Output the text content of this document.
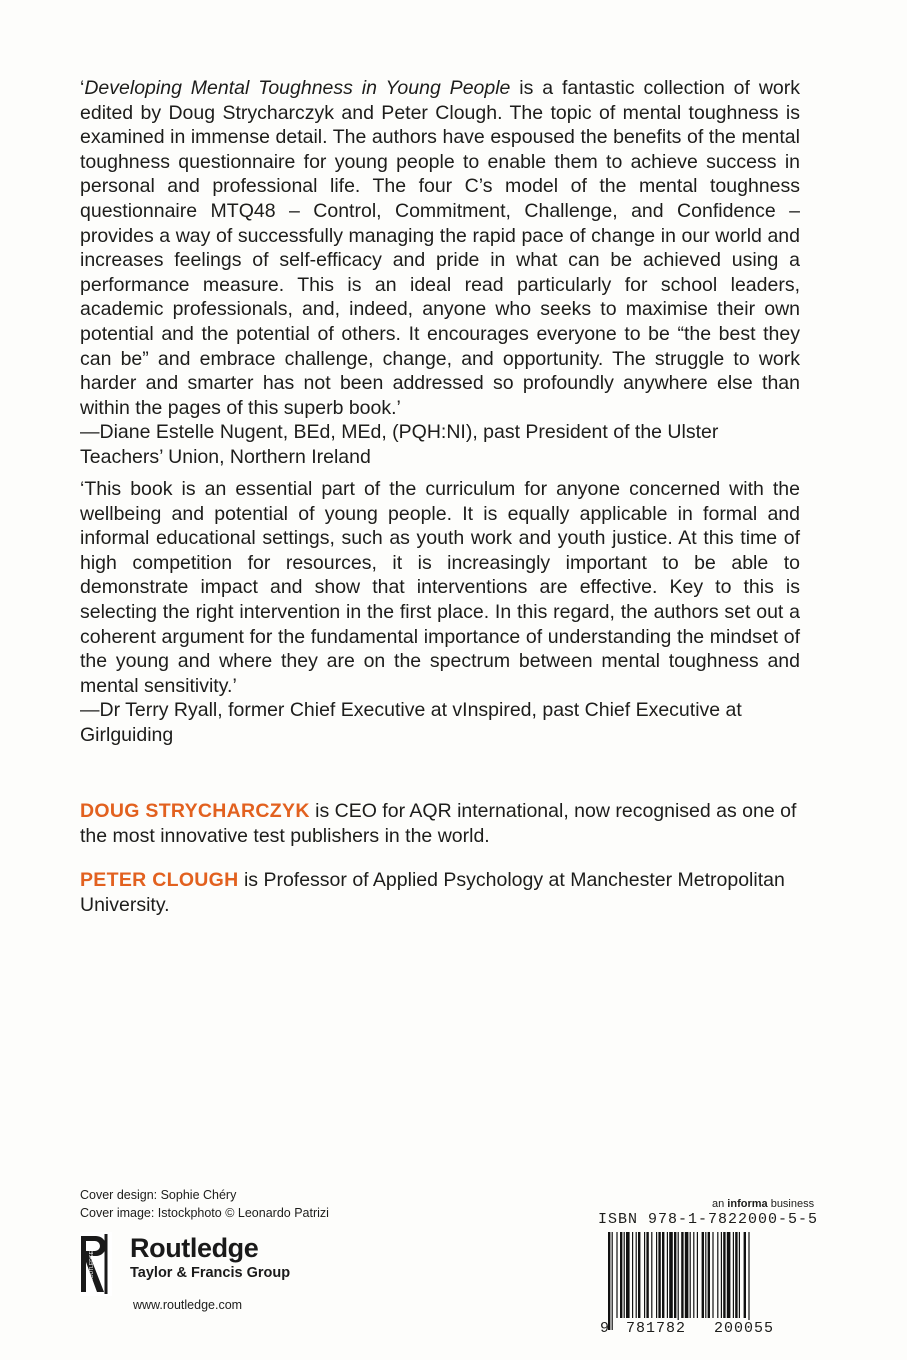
‘Developing Mental Toughness in Young People is a fantastic collection of work edited by Doug Strycharczyk and Peter Clough. The topic of mental toughness is examined in immense detail. The authors have espoused the benefits of the mental toughness questionnaire for young people to enable them to achieve success in personal and professional life. The four C’s model of the mental toughness questionnaire MTQ48 – Control, Commitment, Challenge, and Confidence – provides a way of successfully managing the rapid pace of change in our world and increases feelings of self-efficacy and pride in what can be achieved using a performance measure. This is an ideal read particularly for school leaders, academic professionals, and, indeed, anyone who seeks to maximise their own potential and the potential of others. It encourages everyone to be “the best they can be” and embrace challenge, change, and opportunity. The struggle to work harder and smarter has not been addressed so profoundly anywhere else than within the pages of this superb book.’

—Diane Estelle Nugent, BEd, MEd, (PQH:NI), past President of the Ulster Teachers’ Union, Northern Ireland

‘This book is an essential part of the curriculum for anyone concerned with the wellbeing and potential of young people. It is equally applicable in formal and informal educational settings, such as youth work and youth justice. At this time of high competition for resources, it is increasingly important to be able to demonstrate impact and show that interventions are effective. Key to this is selecting the right intervention in the first place. In this regard, the authors set out a coherent argument for the fundamental importance of understanding the mindset of the young and where they are on the spectrum between mental toughness and mental sensitivity.’

—Dr Terry Ryall, former Chief Executive at vInspired, past Chief Executive at Girlguiding

DOUG STRYCHARCZYK is CEO for AQR international, now recognised as one of the most innovative test publishers in the world.

PETER CLOUGH is Professor of Applied Psychology at Manchester Metropolitan University.

Cover design: Sophie Chéry
Cover image: Istockphoto © Leonardo Patrizi
ROUTLEDGE
Routledge
Taylor & Francis Group
www.routledge.com
an informa business
ISBN 978-1-7822000-5-5
9 781782 200055
